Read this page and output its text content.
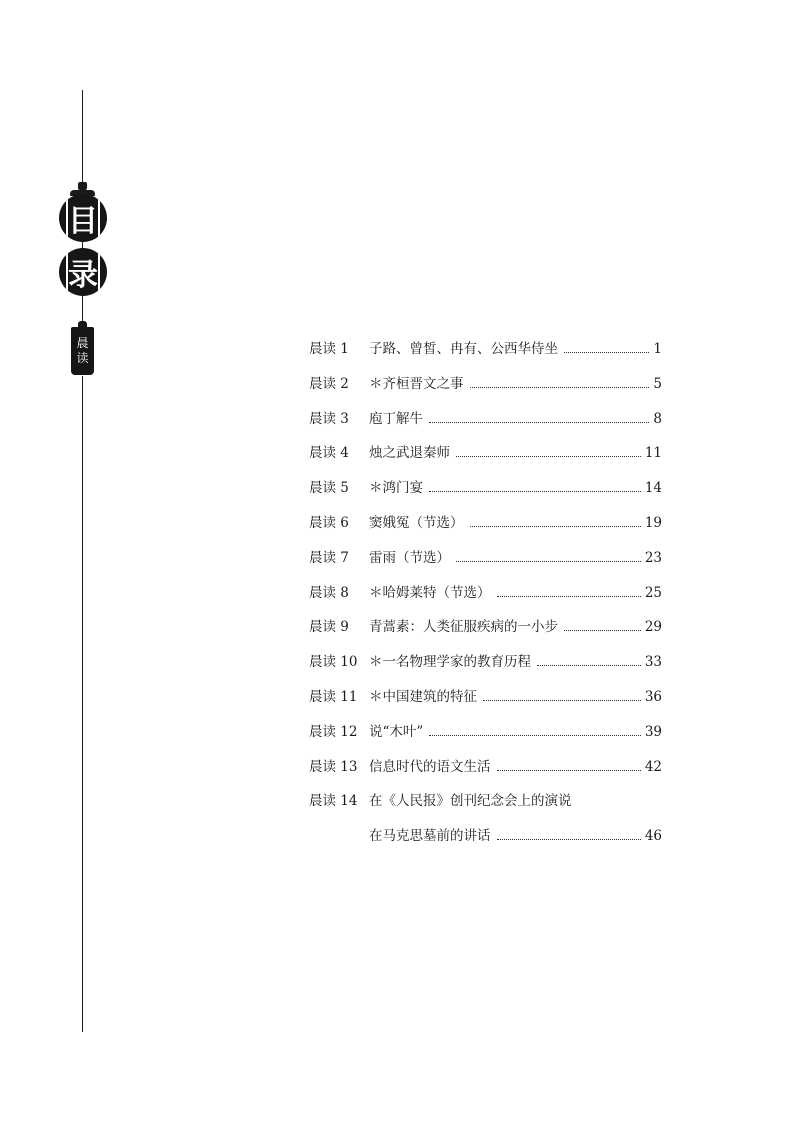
目
录
晨
读
晨读 1	子路、曾皙、冉有、公西华侍坐	1
晨读 2	＊齐桓晋文之事	5
晨读 3	庖丁解牛	8
晨读 4	烛之武退秦师	11
晨读 5	＊鸿门宴	14
晨读 6	窦娥冤（节选）	19
晨读 7	雷雨（节选）	23
晨读 8	＊哈姆莱特（节选）	25
晨读 9	青蒿素：人类征服疾病的一小步	29
晨读 10 ＊一名物理学家的教育历程	33
晨读 11 ＊中国建筑的特征	36
晨读 12 说“木叶”	39
晨读 13 信息时代的语文生活	42
晨读 14 在《人民报》创刊纪念会上的演说
在马克思墓前的讲话	46
